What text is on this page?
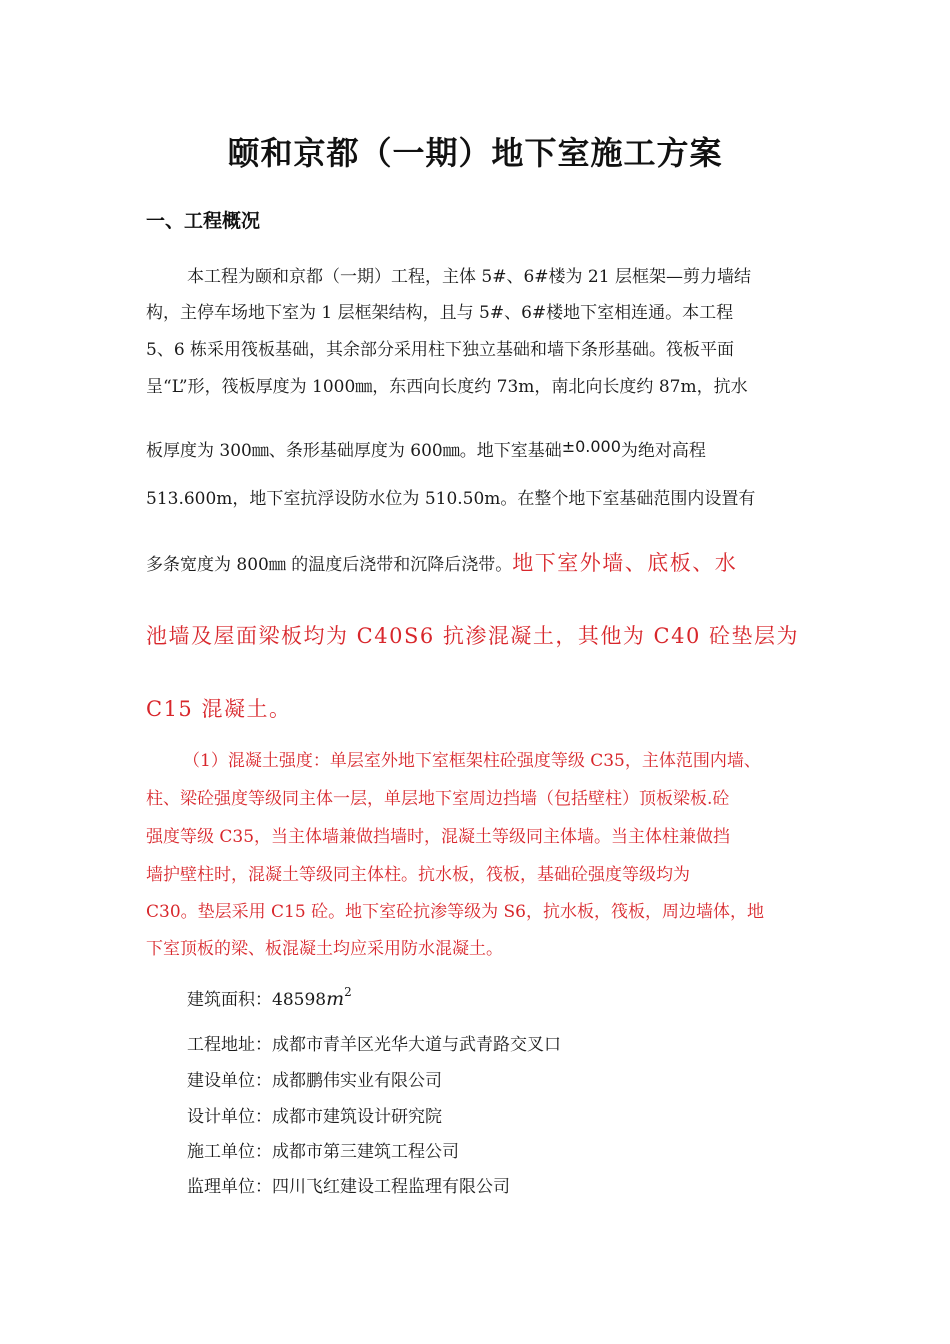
颐和京都（一期）地下室施工方案
一、工程概况
本工程为颐和京都（一期）工程，主体 5#、6#楼为 21 层框架—剪力墙结
构，主停车场地下室为 1 层框架结构，且与 5#、6#楼地下室相连通。本工程
5、6 栋采用筏板基础，其余部分采用柱下独立基础和墙下条形基础。筏板平面
呈“L”形，筏板厚度为 1000㎜，东西向长度约 73m，南北向长度约 87m，抗水
板厚度为 300㎜、条形基础厚度为 600㎜。地下室基础±0.000为绝对高程
513.600m，地下室抗浮设防水位为 510.50m。在整个地下室基础范围内设置有
多条宽度为 800㎜ 的温度后浇带和沉降后浇带。地下室外墙、底板、水
池墙及屋面梁板均为 C40S6 抗渗混凝土，其他为 C40 砼垫层为
C15 混凝土。
（1）混凝土强度：单层室外地下室框架柱砼强度等级 C35，主体范围内墙、
柱、梁砼强度等级同主体一层，单层地下室周边挡墙（包括壁柱）顶板梁板.砼
强度等级 C35，当主体墙兼做挡墙时，混凝土等级同主体墙。当主体柱兼做挡
墙护壁柱时，混凝土等级同主体柱。抗水板，筏板，基础砼强度等级均为
C30。垫层采用 C15 砼。地下室砼抗渗等级为 S6，抗水板，筏板，周边墙体，地
下室顶板的梁、板混凝土均应采用防水混凝土。
建筑面积：$48598m^2$
工程地址：成都市青羊区光华大道与武青路交叉口
建设单位：成都鹏伟实业有限公司
设计单位：成都市建筑设计研究院
施工单位：成都市第三建筑工程公司
监理单位：四川飞红建设工程监理有限公司
